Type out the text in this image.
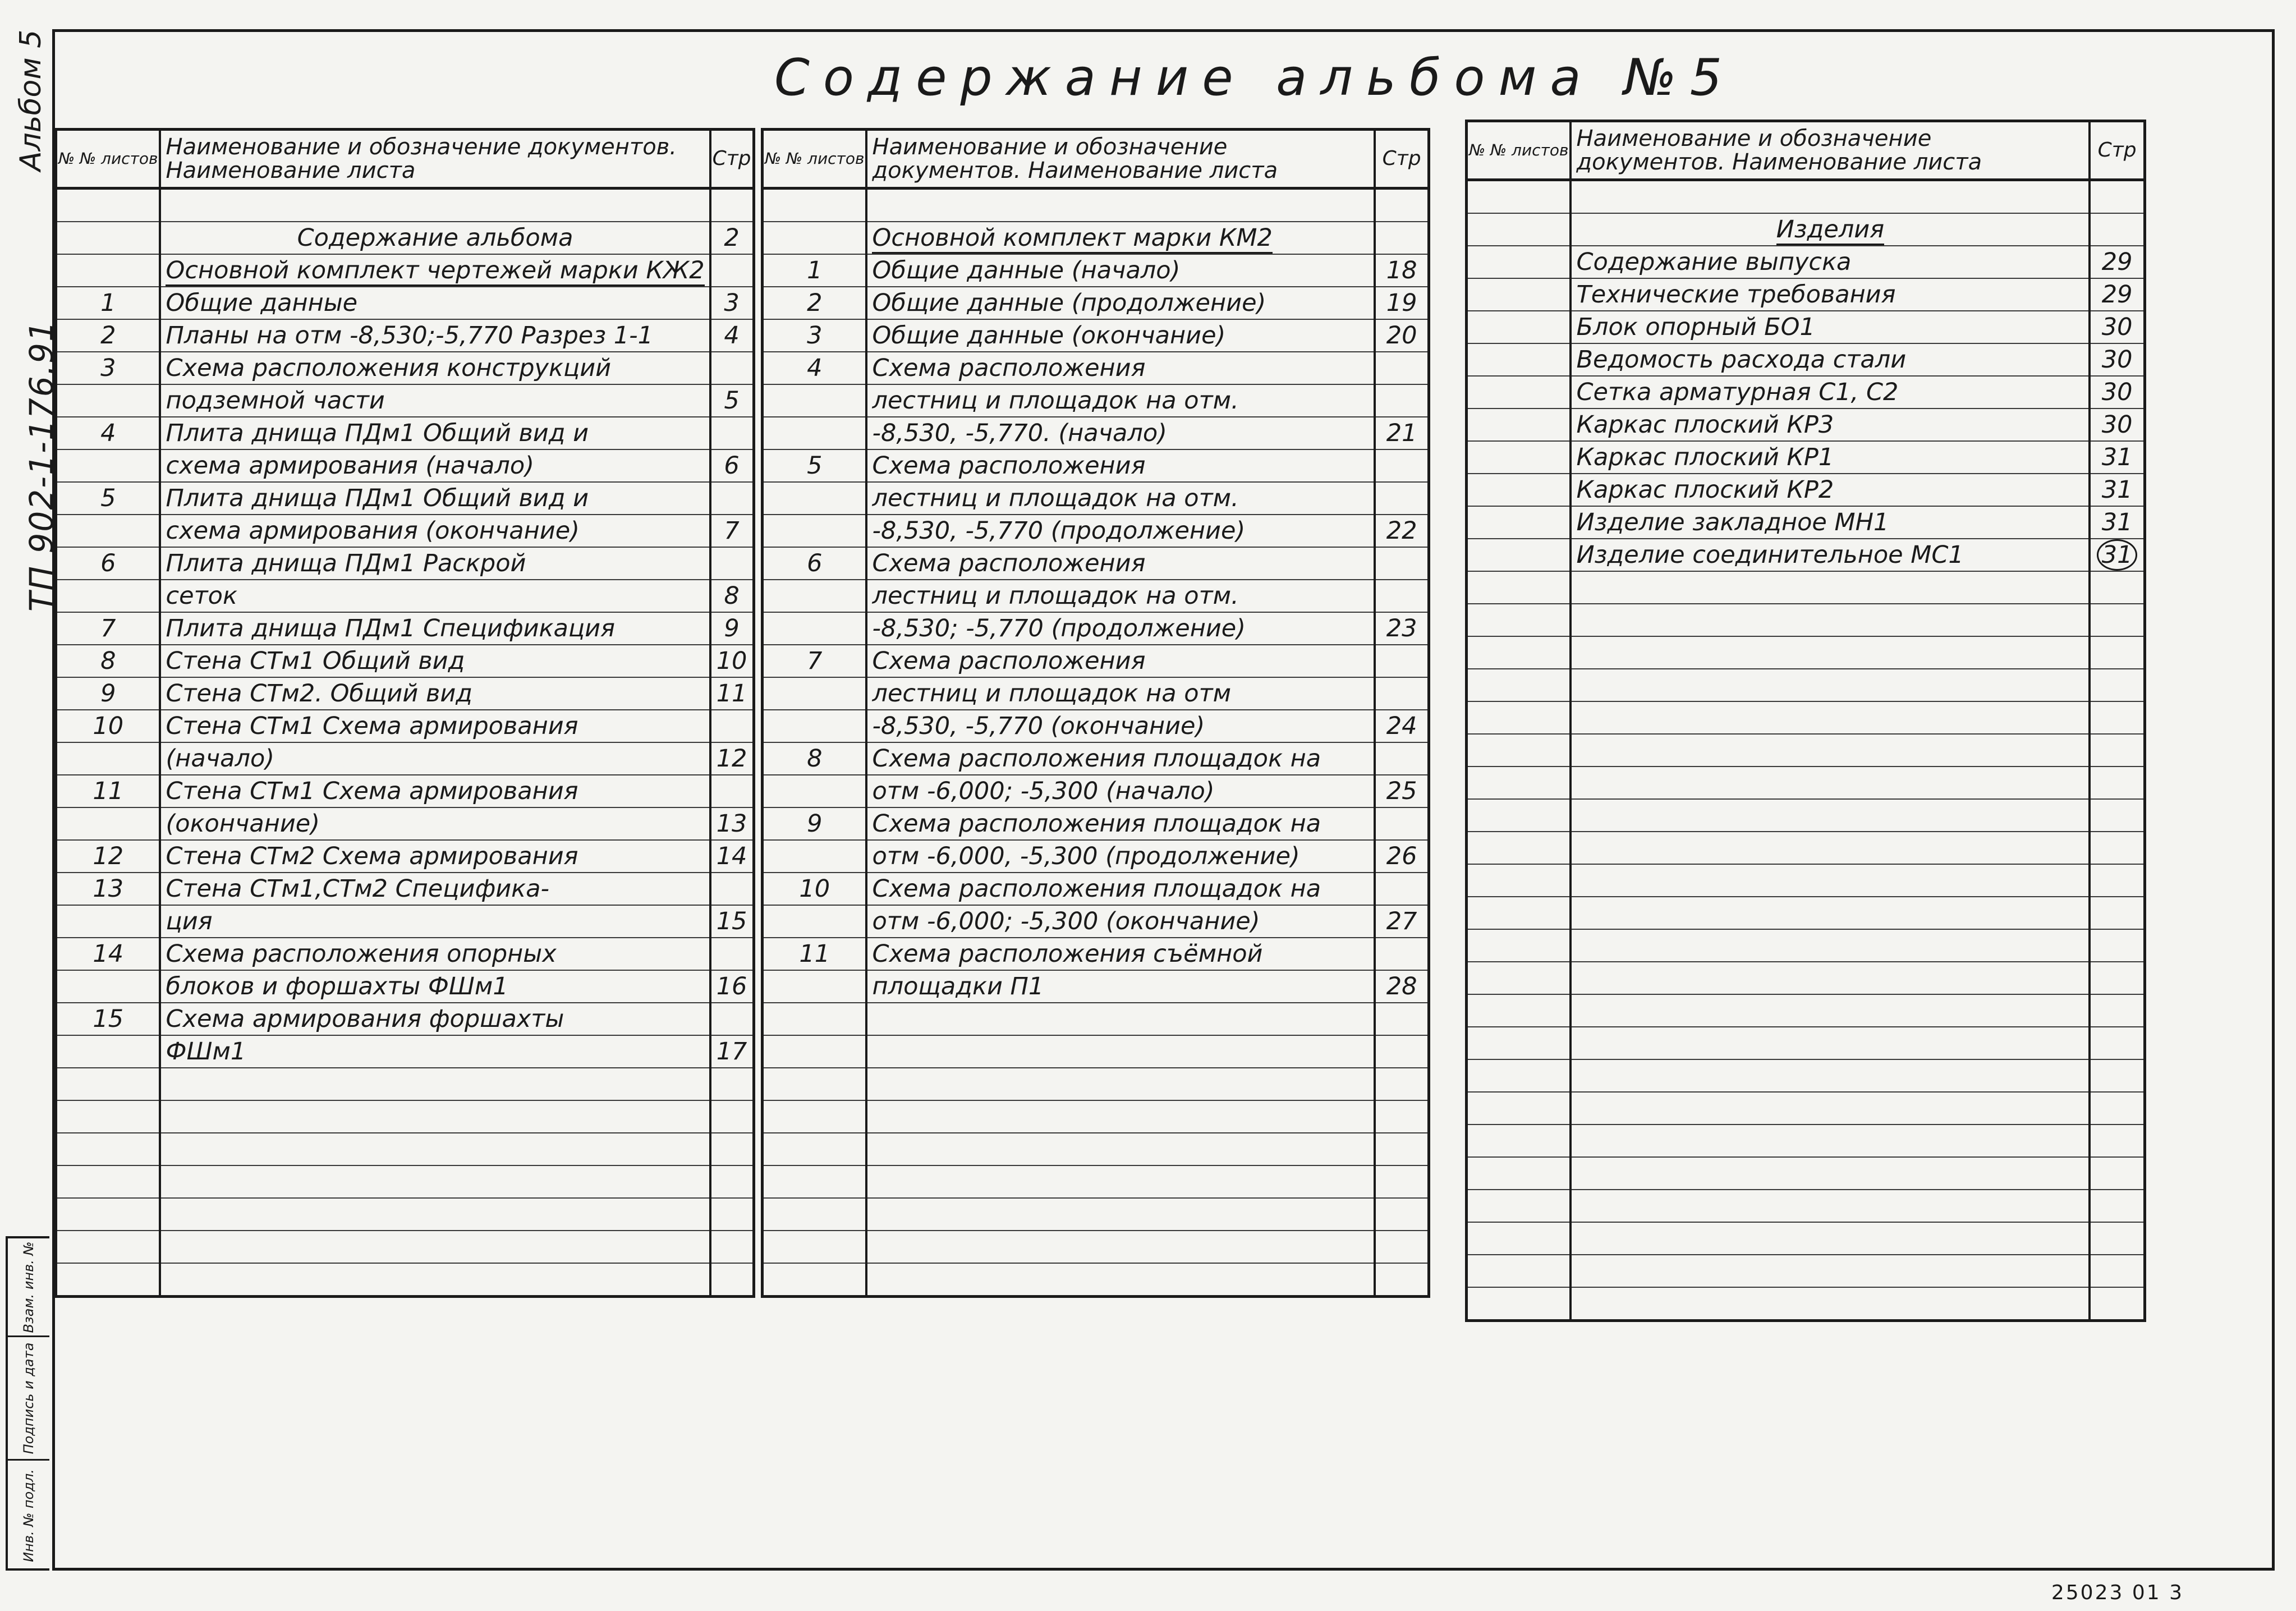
Альбом 5
ТП 902-1-176.91
Взам. инв. №
Подпись и дата
Инв. № подл.
Содержание альбома №5
№ № листов	Наименование и обозначение документов. Наименование листа	Стр

	Содержание альбома	2
	Основной комплект чертежей марки КЖ2	
1	Общие данные	3
2	Планы на отм -8,530;-5,770 Разрез 1-1	4
3	Схема расположения конструкций	
	подземной части	5
4	Плита днища ПДм1 Общий вид и	
	схема армирования (начало)	6
5	Плита днища ПДм1 Общий вид и	
	схема армирования (окончание)	7
6	Плита днища ПДм1 Раскрой	
	сеток	8
7	Плита днища ПДм1 Спецификация	9
8	Стена СТм1 Общий вид	10
9	Стена СТм2. Общий вид	11
10	Стена СТм1 Схема армирования	
	(начало)	12
11	Стена СТм1 Схема армирования	
	(окончание)	13
12	Стена СТм2 Схема армирования	14
13	Стена СТм1,СТм2 Специфика-	
	ция	15
14	Схема расположения опорных	
	блоков и форшахты ФШм1	16
15	Схема армирования форшахты	
	ФШм1	17

№ № листов	Наименование и обозначение документов. Наименование листа	Стр

	Основной комплект марки КМ2	
1	Общие данные (начало)	18
2	Общие данные (продолжение)	19
3	Общие данные (окончание)	20
4	Схема расположения	
	лестниц и площадок на отм.	
	-8,530, -5,770. (начало)	21
5	Схема расположения	
	лестниц и площадок на отм.	
	-8,530, -5,770 (продолжение)	22
6	Схема расположения	
	лестниц и площадок на отм.	
	-8,530; -5,770 (продолжение)	23
7	Схема расположения	
	лестниц и площадок на отм	
	-8,530, -5,770 (окончание)	24
8	Схема расположения площадок на	
	отм -6,000; -5,300 (начало)	25
9	Схема расположения площадок на	
	отм -6,000, -5,300 (продолжение)	26
10	Схема расположения площадок на	
	отм -6,000; -5,300 (окончание)	27
11	Схема расположения съёмной	
	площадки П1	28

№ № листов	Наименование и обозначение документов. Наименование листа	Стр

	Изделия	
	Содержание выпуска	29
	Технические требования	29
	Блок опорный БО1	30
	Ведомость расхода стали	30
	Сетка арматурная С1, С2	30
	Каркас плоский КР3	30
	Каркас плоский КР1	31
	Каркас плоский КР2	31
	Изделие закладное МН1	31
	Изделие соединительное МС1	31

25023 01 3
